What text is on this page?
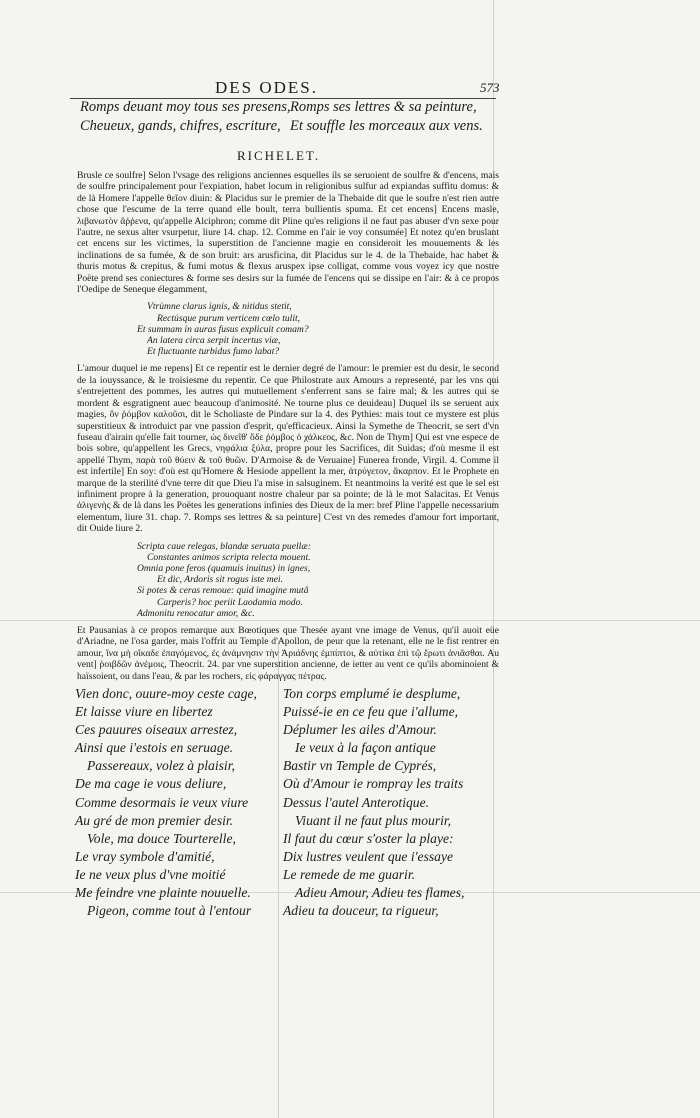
DES ODES.	573
Romps deuant moy tous ses presens,
Cheueux, gands, chifres, escriture,
Romps ses lettres & sa peinture,
Et souffle les morceaux aux vens.
RICHELET.

Brusle ce soulfre] Selon l'vsage des religions anciennes esquelles ils se seruoient de soulfre & d'encens, mais de soulfre principalement pour l'expiation, habet locum in religionibus sulfur ad expiandas suffitu domus: & de là Homere l'appelle θεῖον diuin: & Placidus sur le premier de la Thebaide dit que le soufre n'est rien autre chose que l'escume de la terre quand elle boult, terra bullientis spuma. Et cet encens] Encens masle, λιβανωτὸν ἄῤῥενα, qu'appelle Alciphron; comme dit Pline qu'es religions il ne faut pas abuser d'vn sexe pour l'autre, ne sexus alter vsurpetur, liure 14. chap. 12. Comme en l'air ie voy consumée] Et notez qu'en bruslant cet encens sur les victimes, la superstition de l'ancienne magie en consideroit les mouuements & les inclinations de sa fumée, & de son bruit: ars arusficina, dit Placidus sur le 4. de la Thebaide, hac habet & thuris motus & crepitus, & fumi motus & flexus aruspex ipse colligat, comme vous voyez icy que nostre Poëte prend ses coniectures & forme ses desirs sur la fumée de l'encens qui se dissipe en l'air: & à ce propos l'Oedipe de Seneque élegamment,

Vtrùmne clarus ignis, & nitidus stetit,
Rectúsque purum verticem cœlo tulit,
Et summam in auras fusus explicuit comam?
An latera circa serpit incertus viæ,
Et fluctuante turbidus fumo labat?

L'amour duquel ie me repens] Et ce repentir est le dernier degré de l'amour: le premier est du desir, le second de la iouyssance, & le troisiesme du repentir. Ce que Philostrate aux Amours a representé, par les vns qui s'entrejettent des pommes, les autres qui mutuellement s'enferrent sans se faire mal; & les autres qui se mordent & esgratignent auec beaucoup d'animosité. Ne tourne plus ce deuideau] Duquel ils se seruent aux magies, ὃν ῥόμβον καλοῦσι, dit le Scholiaste de Pindare sur la 4. des Pythies: mais tout ce mystere est plus superstitieux & introduict par vne passion d'esprit, qu'efficacieux. Ainsi la Symethe de Theocrit, se sert d'vn fuseau d'airain qu'elle fait tourner, ὡς δινεῖθ' ὅδε ῥόμβος ὁ χάλκεος, &c. Non de Thym] Qui est vne espece de bois sobre, qu'appellent les Grecs, νηφάλια ξύλα, propre pour les Sacrifices, dit Suidas; d'où mesme il est appellé Thym, παρὰ τοῦ θύειν & τοῦ θυῶν. D'Armoise & de Veruaine] Funerea fronde, Virgil. 4. Comme il est infertile] En soy: d'où est qu'Homere & Hesiode appellent la mer, ἀτρύγετον, ἄκαρπον. Et le Prophete en marque de la sterilité d'vne terre dit que Dieu l'a mise in salsuginem. Et neantmoins la verité est que le sel est infiniment propre à la generation, prouoquant nostre chaleur par sa pointe; de là le mot Salacitas. Et Venus ἁλιγενὴς & de là dans les Poëtes les generations infinies des Dieux de la mer: bref Pline l'appelle necessarium elementum, liure 31. chap. 7. Romps ses lettres & sa peinture] C'est vn des remedes d'amour fort important, dit Ouide liure 2.

Scripta caue relegas, blandæ seruata puellæ:
Constantes animos scripta relecta mouent.
Omnia pone feros (quamuis inuitus) in ignes,
Et dic, Ardoris sit rogus iste mei.
Si potes & ceras remoue: quid imagine mutâ
Carperis? hoc periit Laodamia modo.
Admonitu renocatur amor, &c.

Et Pausanias à ce propos remarque aux Bœotiques que Thesée ayant vne image de Venus, qu'il auoit eüe d'Ariadne, ne l'osa garder, mais l'offrit au Temple d'Apollon, de peur que la retenant, elle ne le fist rentrer en amour, ἵνα μὴ οἴκαδε ἐπαγόμενος, ἐς ἀνάμνησιν τὴν Ἀριάδνης ἐμπίπτοι, & αὐτίκα ἐπὶ τῷ ἔρωτι ἀνιᾶσθαι. Au vent] ῥοιβδῶν ἀνέμοις, Theocrit. 24. par vne superstition ancienne, de ietter au vent ce qu'ils abominoient & haïssoient, ou dans l'eau, & par les rochers, εἰς φάραγγας πέτρας.

Vien donc, ouure-moy ceste cage,
Et laisse viure en libertez
Ces pauures oiseaux arrestez,
Ainsi que i'estois en seruage.
Passereaux, volez à plaisir,
De ma cage ie vous deliure,
Comme desormais ie veux viure
Au gré de mon premier desir.
Vole, ma douce Tourterelle,
Le vray symbole d'amitié,
Ie ne veux plus d'vne moitié
Me feindre vne plainte nouuelle.
Pigeon, comme tout à l'entour
Ton corps emplumé ie desplume,
Puissé-ie en ce feu que i'allume,
Déplumer les ailes d'Amour.
Ie veux à la façon antique
Bastir vn Temple de Cyprés,
Où d'Amour ie rompray les traits
Dessus l'autel Anterotique.
Viuant il ne faut plus mourir,
Il faut du cœur s'oster la playe:
Dix lustres veulent que i'essaye
Le remede de me guarir.
Adieu Amour, Adieu tes flames,
Adieu ta douceur, ta rigueur,
